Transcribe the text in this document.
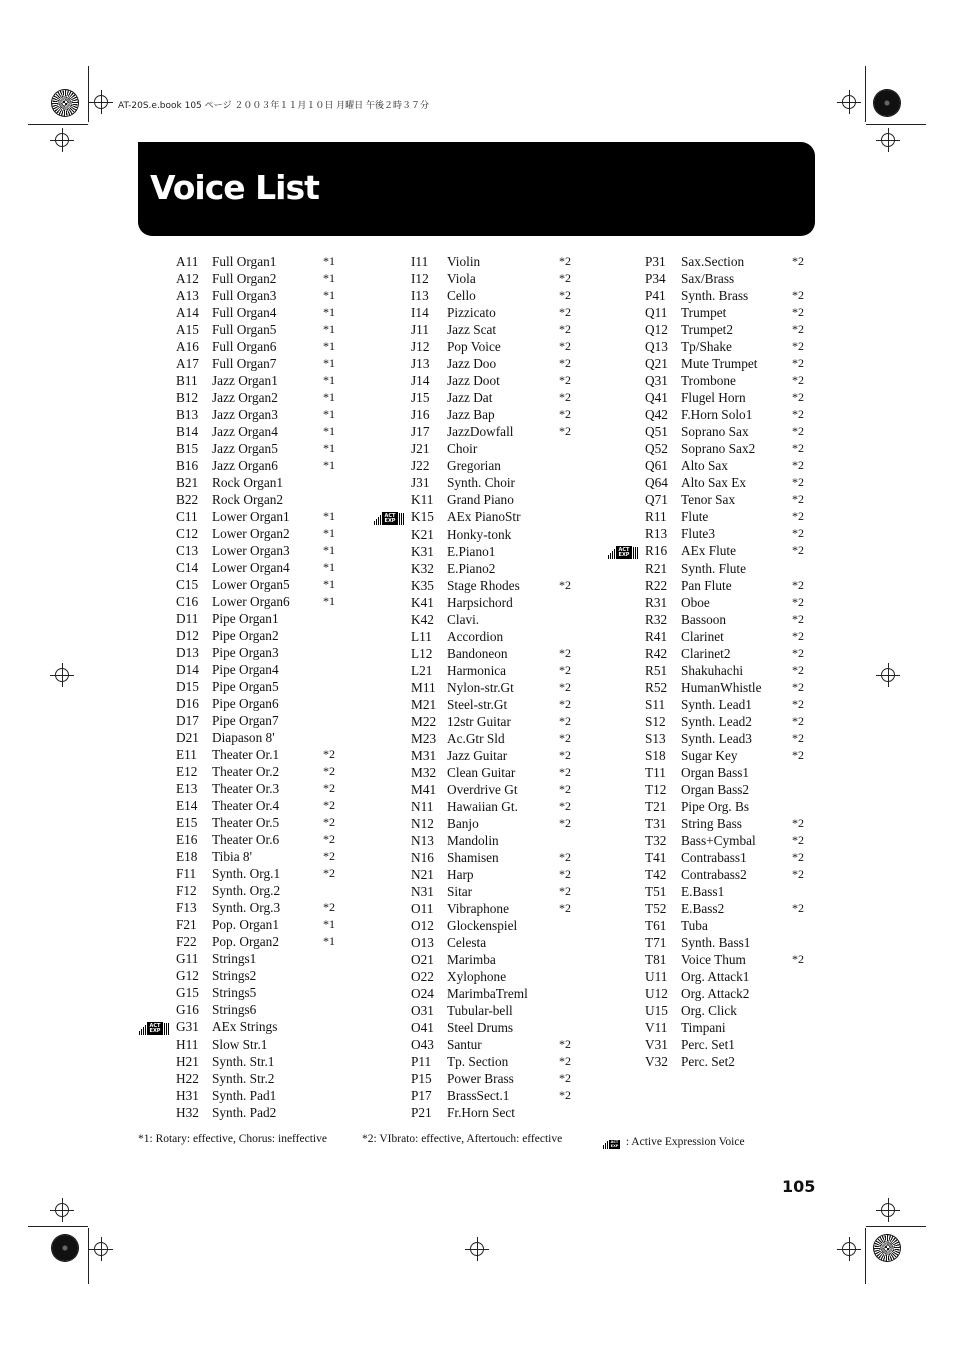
AT-20S.e.book 105 ページ ２００３年１１月１０日 月曜日 午後２時３７分
Voice List
A11 Full Organ1	*1
A12 Full Organ2	*1
A13 Full Organ3	*1
A14 Full Organ4	*1
A15 Full Organ5	*1
A16 Full Organ6	*1
A17 Full Organ7	*1
B11 Jazz Organ1	*1
B12 Jazz Organ2	*1
B13 Jazz Organ3	*1
B14 Jazz Organ4	*1
B15 Jazz Organ5	*1
B16 Jazz Organ6	*1
B21 Rock Organ1
B22 Rock Organ2
C11 Lower Organ1	*1
C12 Lower Organ2	*1
C13 Lower Organ3	*1
C14 Lower Organ4	*1
C15 Lower Organ5	*1
C16 Lower Organ6	*1
D11 Pipe Organ1
D12 Pipe Organ2
D13 Pipe Organ3
D14 Pipe Organ4
D15 Pipe Organ5
D16 Pipe Organ6
D17 Pipe Organ7
D21 Diapason 8'
E11 Theater Or.1	*2
E12 Theater Or.2	*2
E13 Theater Or.3	*2
E14 Theater Or.4	*2
E15 Theater Or.5	*2
E16 Theater Or.6	*2
E18 Tibia 8'	*2
F11 Synth. Org.1	*2
F12 Synth. Org.2
F13 Synth. Org.3	*2
F21 Pop. Organ1	*1
F22 Pop. Organ2	*1
G11 Strings1
G12 Strings2
G15 Strings5
G16 Strings6
ACT
EXP G31 AEx Strings
H11 Slow Str.1
H21 Synth. Str.1
H22 Synth. Str.2
H31 Synth. Pad1
H32 Synth. Pad2
I11 Violin	*2
I12 Viola	*2
I13 Cello	*2
I14 Pizzicato	*2
J11 Jazz Scat	*2
J12 Pop Voice	*2
J13 Jazz Doo	*2
J14 Jazz Doot	*2
J15 Jazz Dat	*2
J16 Jazz Bap	*2
J17 JazzDowfall	*2
J21 Choir
J22 Gregorian
J31 Synth. Choir
K11 Grand Piano
ACT
EXP K15 AEx PianoStr
K21 Honky-tonk
K31 E.Piano1
K32 E.Piano2
K35 Stage Rhodes	*2
K41 Harpsichord
K42 Clavi.
L11 Accordion
L12 Bandoneon	*2
L21 Harmonica	*2
M11 Nylon-str.Gt	*2
M21 Steel-str.Gt	*2
M22 12str Guitar	*2
M23 Ac.Gtr Sld	*2
M31 Jazz Guitar	*2
M32 Clean Guitar	*2
M41 Overdrive Gt	*2
N11 Hawaiian Gt.	*2
N12 Banjo	*2
N13 Mandolin
N16 Shamisen	*2
N21 Harp	*2
N31 Sitar	*2
O11 Vibraphone	*2
O12 Glockenspiel
O13 Celesta
O21 Marimba
O22 Xylophone
O24 MarimbaTreml
O31 Tubular-bell
O41 Steel Drums
O43 Santur	*2
P11 Tp. Section	*2
P15 Power Brass	*2
P17 BrassSect.1	*2
P21 Fr.Horn Sect
P31 Sax.Section	*2
P34 Sax/Brass
P41 Synth. Brass	*2
Q11 Trumpet	*2
Q12 Trumpet2	*2
Q13 Tp/Shake	*2
Q21 Mute Trumpet	*2
Q31 Trombone	*2
Q41 Flugel Horn	*2
Q42 F.Horn Solo1	*2
Q51 Soprano Sax	*2
Q52 Soprano Sax2	*2
Q61 Alto Sax	*2
Q64 Alto Sax Ex	*2
Q71 Tenor Sax	*2
R11 Flute	*2
R13 Flute3	*2
ACT
EXP R16 AEx Flute	*2
R21 Synth. Flute
R22 Pan Flute	*2
R31 Oboe	*2
R32 Bassoon	*2
R41 Clarinet	*2
R42 Clarinet2	*2
R51 Shakuhachi	*2
R52 HumanWhistle	*2
S11 Synth. Lead1	*2
S12 Synth. Lead2	*2
S13 Synth. Lead3	*2
S18 Sugar Key	*2
T11 Organ Bass1
T12 Organ Bass2
T21 Pipe Org. Bs
T31 String Bass	*2
T32 Bass+Cymbal	*2
T41 Contrabass1	*2
T42 Contrabass2	*2
T51 E.Bass1
T52 E.Bass2	*2
T61 Tuba
T71 Synth. Bass1
T81 Voice Thum	*2
U11 Org. Attack1
U12 Org. Attack2
U15 Org. Click
V11 Timpani
V31 Perc. Set1
V32 Perc. Set2
*1: Rotary: effective, Chorus: ineffective	*2: VIbrato: effective, Aftertouch: effective	ACT
EXP : Active Expression Voice
105
